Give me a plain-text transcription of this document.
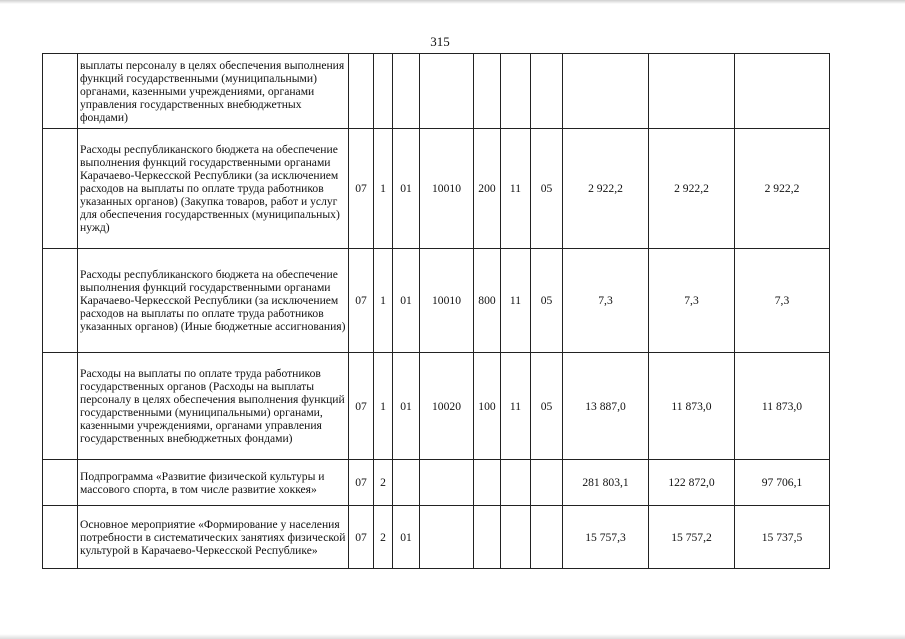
315
	выплаты персоналу в целях обеспечения выполнения функций государственными (муниципальными) органами, казенными учреждениями, органами управления государственных внебюджетных фондами)										
	Расходы республиканского бюджета на обеспечение выполнения функций государственными органами Карачаево-Черкесской Республики (за исключением расходов на выплаты по оплате труда работников указанных органов) (Закупка товаров, работ и услуг для обеспечения государственных (муниципальных) нужд)	07	1	01	10010	200	11	05	2 922,2	2 922,2	2 922,2
	Расходы республиканского бюджета на обеспечение выполнения функций государственными органами Карачаево-Черкесской Республики (за исключением расходов на выплаты по оплате труда работников указанных органов) (Иные бюджетные ассигнования)	07	1	01	10010	800	11	05	7,3	7,3	7,3
	Расходы на выплаты по оплате труда работников государственных органов (Расходы на выплаты персоналу в целях обеспечения выполнения функций государственными (муниципальными) органами, казенными учреждениями, органами управления государственных внебюджетных фондами)	07	1	01	10020	100	11	05	13 887,0	11 873,0	11 873,0
	Подпрограмма «Развитие физической культуры и массового спорта, в том числе развитие хоккея»	07	2						281 803,1	122 872,0	97 706,1
	Основное мероприятие «Формирование у населения потребности в систематических занятиях физической культурой в Карачаево-Черкесской Республике»	07	2	01					15 757,3	15 757,2	15 737,5
